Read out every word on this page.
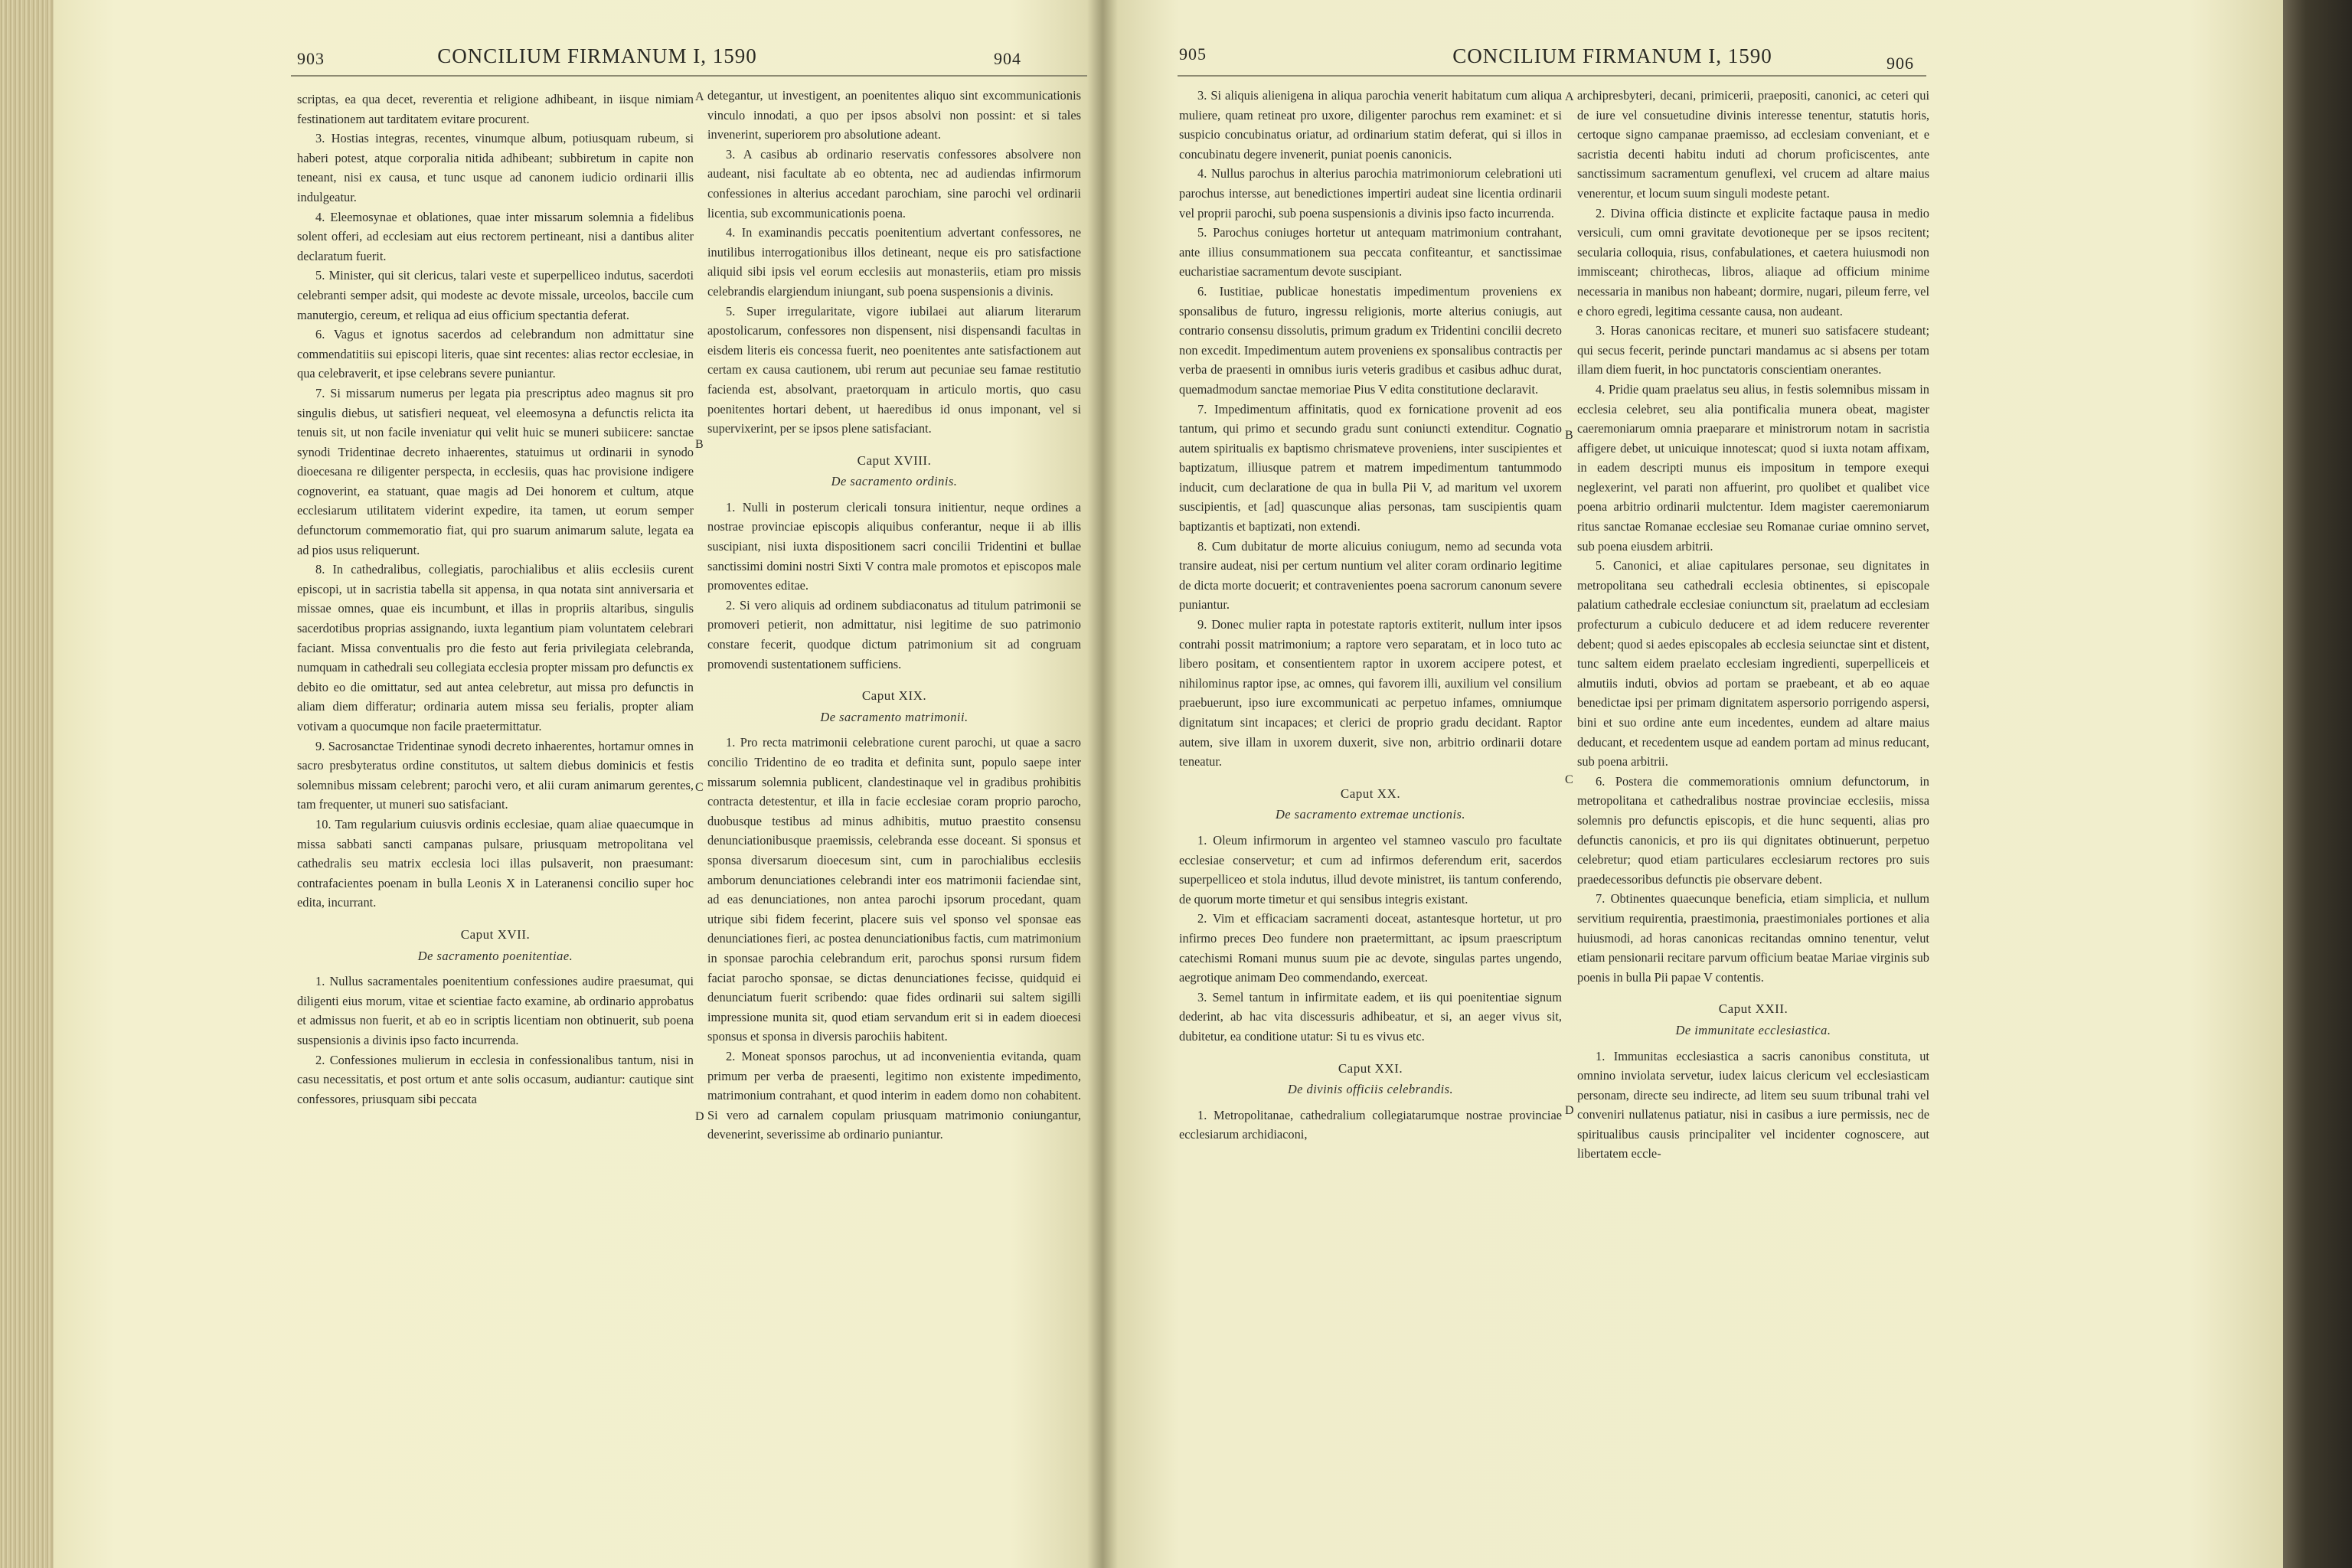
903	CONCILIUM FIRMANUM I, 1590	904

scriptas, ea qua decet, reverentia et religione adhibeant, in iisque nimiam festinationem aut tarditatem evitare procurent.

3. Hostias integras, recentes, vinumque album, potiusquam rubeum, si haberi potest, atque corporalia nitida adhibeant; subbiretum in capite non teneant, nisi ex causa, et tunc usque ad canonem iudicio ordinarii illis indulgeatur.

4. Eleemosynae et oblationes, quae inter missarum solemnia a fidelibus solent offeri, ad ecclesiam aut eius rectorem pertineant, nisi a dantibus aliter declaratum fuerit.

5. Minister, qui sit clericus, talari veste et superpelliceo indutus, sacerdoti celebranti semper adsit, qui modeste ac devote missale, urceolos, baccile cum manutergio, cereum, et reliqua ad eius officium spectantia deferat.

6. Vagus et ignotus sacerdos ad celebrandum non admittatur sine commendatitiis sui episcopi literis, quae sint recentes: alias rector ecclesiae, in qua celebraverit, et ipse celebrans severe puniantur.

7. Si missarum numerus per legata pia prescriptus adeo magnus sit pro singulis diebus, ut satisfieri nequeat, vel eleemosyna a defunctis relicta ita tenuis sit, ut non facile inveniatur qui velit huic se muneri subiicere: sanctae synodi Tridentinae decreto inhaerentes, statuimus ut ordinarii in synodo dioecesana re diligenter perspecta, in ecclesiis, quas hac provisione indigere cognoverint, ea statuant, quae magis ad Dei honorem et cultum, atque ecclesiarum utilitatem viderint expedire, ita tamen, ut eorum semper defunctorum commemoratio fiat, qui pro suarum animarum salute, legata ea ad pios usus reliquerunt.

8. In cathedralibus, collegiatis, parochialibus et aliis ecclesiis curent episcopi, ut in sacristia tabella sit appensa, in qua notata sint anniversaria et missae omnes, quae eis incumbunt, et illas in propriis altaribus, singulis sacerdotibus proprias assignando, iuxta legantium piam voluntatem celebrari faciant. Missa conventualis pro die festo aut feria privilegiata celebranda, numquam in cathedrali seu collegiata ecclesia propter missam pro defunctis ex debito eo die omittatur, sed aut antea celebretur, aut missa pro defunctis in aliam diem differatur; ordinaria autem missa seu ferialis, propter aliam votivam a quocumque non facile praetermittatur.

9. Sacrosanctae Tridentinae synodi decreto inhaerentes, hortamur omnes in sacro presbyteratus ordine constitutos, ut saltem diebus dominicis et festis solemnibus missam celebrent; parochi vero, et alii curam animarum gerentes, tam frequenter, ut muneri suo satisfaciant.

10. Tam regularium cuiusvis ordinis ecclesiae, quam aliae quaecumque in missa sabbati sancti campanas pulsare, priusquam metropolitana vel cathedralis seu matrix ecclesia loci illas pulsaverit, non praesumant: contrafacientes poenam in bulla Leonis X in Lateranensi concilio super hoc edita, incurrant.

Caput XVII.
De sacramento poenitentiae.

1. Nullus sacramentales poenitentium confessiones audire praesumat, qui diligenti eius morum, vitae et scientiae facto examine, ab ordinario approbatus et admissus non fuerit, et ab eo in scriptis licentiam non obtinuerit, sub poena suspensionis a divinis ipso facto incurrenda.

2. Confessiones mulierum in ecclesia in confessionalibus tantum, nisi in casu necessitatis, et post ortum et ante solis occasum, audiantur: cautique sint confessores, priusquam sibi peccata

detegantur, ut investigent, an poenitentes aliquo sint excommunicationis vinculo innodati, a quo per ipsos absolvi non possint: et si tales invenerint, superiorem pro absolutione adeant.

3. A casibus ab ordinario reservatis confessores absolvere non audeant, nisi facultate ab eo obtenta, nec ad audiendas infirmorum confessiones in alterius accedant parochiam, sine parochi vel ordinarii licentia, sub excommunicationis poena.

4. In examinandis peccatis poenitentium advertant confessores, ne inutilibus interrogationibus illos detineant, neque eis pro satisfactione aliquid sibi ipsis vel eorum ecclesiis aut monasteriis, etiam pro missis celebrandis elargiendum iniungant, sub poena suspensionis a divinis.

5. Super irregularitate, vigore iubilaei aut aliarum literarum apostolicarum, confessores non dispensent, nisi dispensandi facultas in eisdem literis eis concessa fuerit, neo poenitentes ante satisfactionem aut certam ex causa cautionem, ubi rerum aut pecuniae seu famae restitutio facienda est, absolvant, praetorquam in articulo mortis, quo casu poenitentes hortari debent, ut haeredibus id onus imponant, vel si supervixerint, per se ipsos plene satisfaciant.

Caput XVIII.
De sacramento ordinis.

1. Nulli in posterum clericali tonsura initientur, neque ordines a nostrae provinciae episcopis aliquibus conferantur, neque ii ab illis suscipiant, nisi iuxta dispositionem sacri concilii Tridentini et bullae sanctissimi domini nostri Sixti V contra male promotos et episcopos male promoventes editae.

2. Si vero aliquis ad ordinem subdiaconatus ad titulum patrimonii se promoveri petierit, non admittatur, nisi legitime de suo patrimonio constare fecerit, quodque dictum patrimonium sit ad congruam promovendi sustentationem sufficiens.

Caput XIX.
De sacramento matrimonii.

1. Pro recta matrimonii celebratione curent parochi, ut quae a sacro concilio Tridentino de eo tradita et definita sunt, populo saepe inter missarum solemnia publicent, clandestinaque vel in gradibus prohibitis contracta detestentur, et illa in facie ecclesiae coram proprio parocho, duobusque testibus ad minus adhibitis, mutuo praestito consensu denunciationibusque praemissis, celebranda esse doceant. Si sponsus et sponsa diversarum dioecesum sint, cum in parochialibus ecclesiis amborum denunciationes celebrandi inter eos matrimonii faciendae sint, ad eas denunciationes, non antea parochi ipsorum procedant, quam utrique sibi fidem fecerint, placere suis vel sponso vel sponsae eas denunciationes fieri, ac postea denunciationibus factis, cum matrimonium in sponsae parochia celebrandum erit, parochus sponsi rursum fidem faciat parocho sponsae, se dictas denunciationes fecisse, quidquid ei denunciatum fuerit scribendo: quae fides ordinarii sui saltem sigilli impressione munita sit, quod etiam servandum erit si in eadem dioecesi sponsus et sponsa in diversis parochiis habitent.

2. Moneat sponsos parochus, ut ad inconvenientia evitanda, quam primum per verba de praesenti, legitimo non existente impedimento, matrimonium contrahant, et quod interim in eadem domo non cohabitent. Si vero ad carnalem copulam priusquam matrimonio coniungantur, devenerint, severissime ab ordinario puniantur.

A
B
C
D
905	CONCILIUM FIRMANUM I, 1590	906

3. Si aliquis alienigena in aliqua parochia venerit habitatum cum aliqua muliere, quam retineat pro uxore, diligenter parochus rem examinet: et si suspicio concubinatus oriatur, ad ordinarium statim deferat, qui si illos in concubinatu degere invenerit, puniat poenis canonicis.

4. Nullus parochus in alterius parochia matrimoniorum celebrationi uti parochus intersse, aut benedictiones impertiri audeat sine licentia ordinarii vel proprii parochi, sub poena suspensionis a divinis ipso facto incurrenda.

5. Parochus coniuges hortetur ut antequam matrimonium contrahant, ante illius consummationem sua peccata confiteantur, et sanctissimae eucharistiae sacramentum devote suscipiant.

6. Iustitiae, publicae honestatis impedimentum proveniens ex sponsalibus de futuro, ingressu religionis, morte alterius coniugis, aut contrario consensu dissolutis, primum gradum ex Tridentini concilii decreto non excedit. Impedimentum autem proveniens ex sponsalibus contractis per verba de praesenti in omnibus iuris veteris gradibus et casibus adhuc durat, quemadmodum sanctae memoriae Pius V edita constitutione declaravit.

7. Impedimentum affinitatis, quod ex fornicatione provenit ad eos tantum, qui primo et secundo gradu sunt coniuncti extenditur. Cognatio autem spiritualis ex baptismo chrismateve proveniens, inter suscipientes et baptizatum, illiusque patrem et matrem impedimentum tantummodo inducit, cum declaratione de qua in bulla Pii V, ad maritum vel uxorem suscipientis, et [ad] quascunque alias personas, tam suscipientis quam baptizantis et baptizati, non extendi.

8. Cum dubitatur de morte alicuius coniugum, nemo ad secunda vota transire audeat, nisi per certum nuntium vel aliter coram ordinario legitime de dicta morte docuerit; et contravenientes poena sacrorum canonum severe puniantur.

9. Donec mulier rapta in potestate raptoris extiterit, nullum inter ipsos contrahi possit matrimonium; a raptore vero separatam, et in loco tuto ac libero positam, et consentientem raptor in uxorem accipere potest, et nihilominus raptor ipse, ac omnes, qui favorem illi, auxilium vel consilium praebuerunt, ipso iure excommunicati ac perpetuo infames, omniumque dignitatum sint incapaces; et clerici de proprio gradu decidant. Raptor autem, sive illam in uxorem duxerit, sive non, arbitrio ordinarii dotare teneatur.

Caput XX.
De sacramento extremae unctionis.

1. Oleum infirmorum in argenteo vel stamneo vasculo pro facultate ecclesiae conservetur; et cum ad infirmos deferendum erit, sacerdos superpelliceo et stola indutus, illud devote ministret, iis tantum conferendo, de quorum morte timetur et qui sensibus integris existant.

2. Vim et efficaciam sacramenti doceat, astantesque hortetur, ut pro infirmo preces Deo fundere non praetermittant, ac ipsum praescriptum catechismi Romani munus suum pie ac devote, singulas partes ungendo, aegrotique animam Deo commendando, exerceat.

3. Semel tantum in infirmitate eadem, et iis qui poenitentiae signum dederint, ab hac vita discessuris adhibeatur, et si, an aeger vivus sit, dubitetur, ea conditione utatur: Si tu es vivus etc.

Caput XXI.
De divinis officiis celebrandis.

1. Metropolitanae, cathedralium collegiatarumque nostrae provinciae ecclesiarum archidiaconi,

archipresbyteri, decani, primicerii, praepositi, canonici, ac ceteri qui de iure vel consuetudine divinis interesse tenentur, statutis horis, certoque signo campanae praemisso, ad ecclesiam conveniant, et e sacristia decenti habitu induti ad chorum proficiscentes, ante sanctissimum sacramentum genuflexi, vel crucem ad altare maius venerentur, et locum suum singuli modeste petant.

2. Divina officia distincte et explicite factaque pausa in medio versiculi, cum omni gravitate devotioneque per se ipsos recitent; secularia colloquia, risus, confabulationes, et caetera huiusmodi non immisceant; chirothecas, libros, aliaque ad officium minime necessaria in manibus non habeant; dormire, nugari, pileum ferre, vel e choro egredi, legitima cessante causa, non audeant.

3. Horas canonicas recitare, et muneri suo satisfacere studeant; qui secus fecerit, perinde punctari mandamus ac si absens per totam illam diem fuerit, in hoc punctatoris conscientiam onerantes.

4. Pridie quam praelatus seu alius, in festis solemnibus missam in ecclesia celebret, seu alia pontificalia munera obeat, magister caeremoniarum omnia praeparare et ministrorum notam in sacristia affigere debet, ut unicuique innotescat; quod si iuxta notam affixam, in eadem descripti munus eis impositum in tempore exequi neglexerint, vel parati non affuerint, pro quolibet et qualibet vice poena arbitrio ordinarii mulctentur. Idem magister caeremoniarum ritus sanctae Romanae ecclesiae seu Romanae curiae omnino servet, sub poena eiusdem arbitrii.

5. Canonici, et aliae capitulares personae, seu dignitates in metropolitana seu cathedrali ecclesia obtinentes, si episcopale palatium cathedrale ecclesiae coniunctum sit, praelatum ad ecclesiam profecturum a cubiculo deducere et ad idem reducere reverenter debent; quod si aedes episcopales ab ecclesia seiunctae sint et distent, tunc saltem eidem praelato ecclesiam ingredienti, superpelliceis et almutiis induti, obvios ad portam se praebeant, et ab eo aquae benedictae ipsi per primam dignitatem aspersorio porrigendo aspersi, bini et suo ordine ante eum incedentes, eundem ad altare maius deducant, et recedentem usque ad eandem portam ad minus reducant, sub poena arbitrii.

6. Postera die commemorationis omnium defunctorum, in metropolitana et cathedralibus nostrae provinciae ecclesiis, missa solemnis pro defunctis episcopis, et die hunc sequenti, alias pro defunctis canonicis, et pro iis qui dignitates obtinuerunt, perpetuo celebretur; quod etiam particulares ecclesiarum rectores pro suis praedecessoribus defunctis pie observare debent.

7. Obtinentes quaecunque beneficia, etiam simplicia, et nullum servitium requirentia, praestimonia, praestimoniales portiones et alia huiusmodi, ad horas canonicas recitandas omnino tenentur, velut etiam pensionarii recitare parvum officium beatae Mariae virginis sub poenis in bulla Pii papae V contentis.

Caput XXII.
De immunitate ecclesiastica.

1. Immunitas ecclesiastica a sacris canonibus constituta, ut omnino inviolata servetur, iudex laicus clericum vel ecclesiasticam personam, directe seu indirecte, ad litem seu suum tribunal trahi vel conveniri nullatenus patiatur, nisi in casibus a iure permissis, nec de spiritualibus causis principaliter vel incidenter cognoscere, aut libertatem eccle-

A
B
C
D
